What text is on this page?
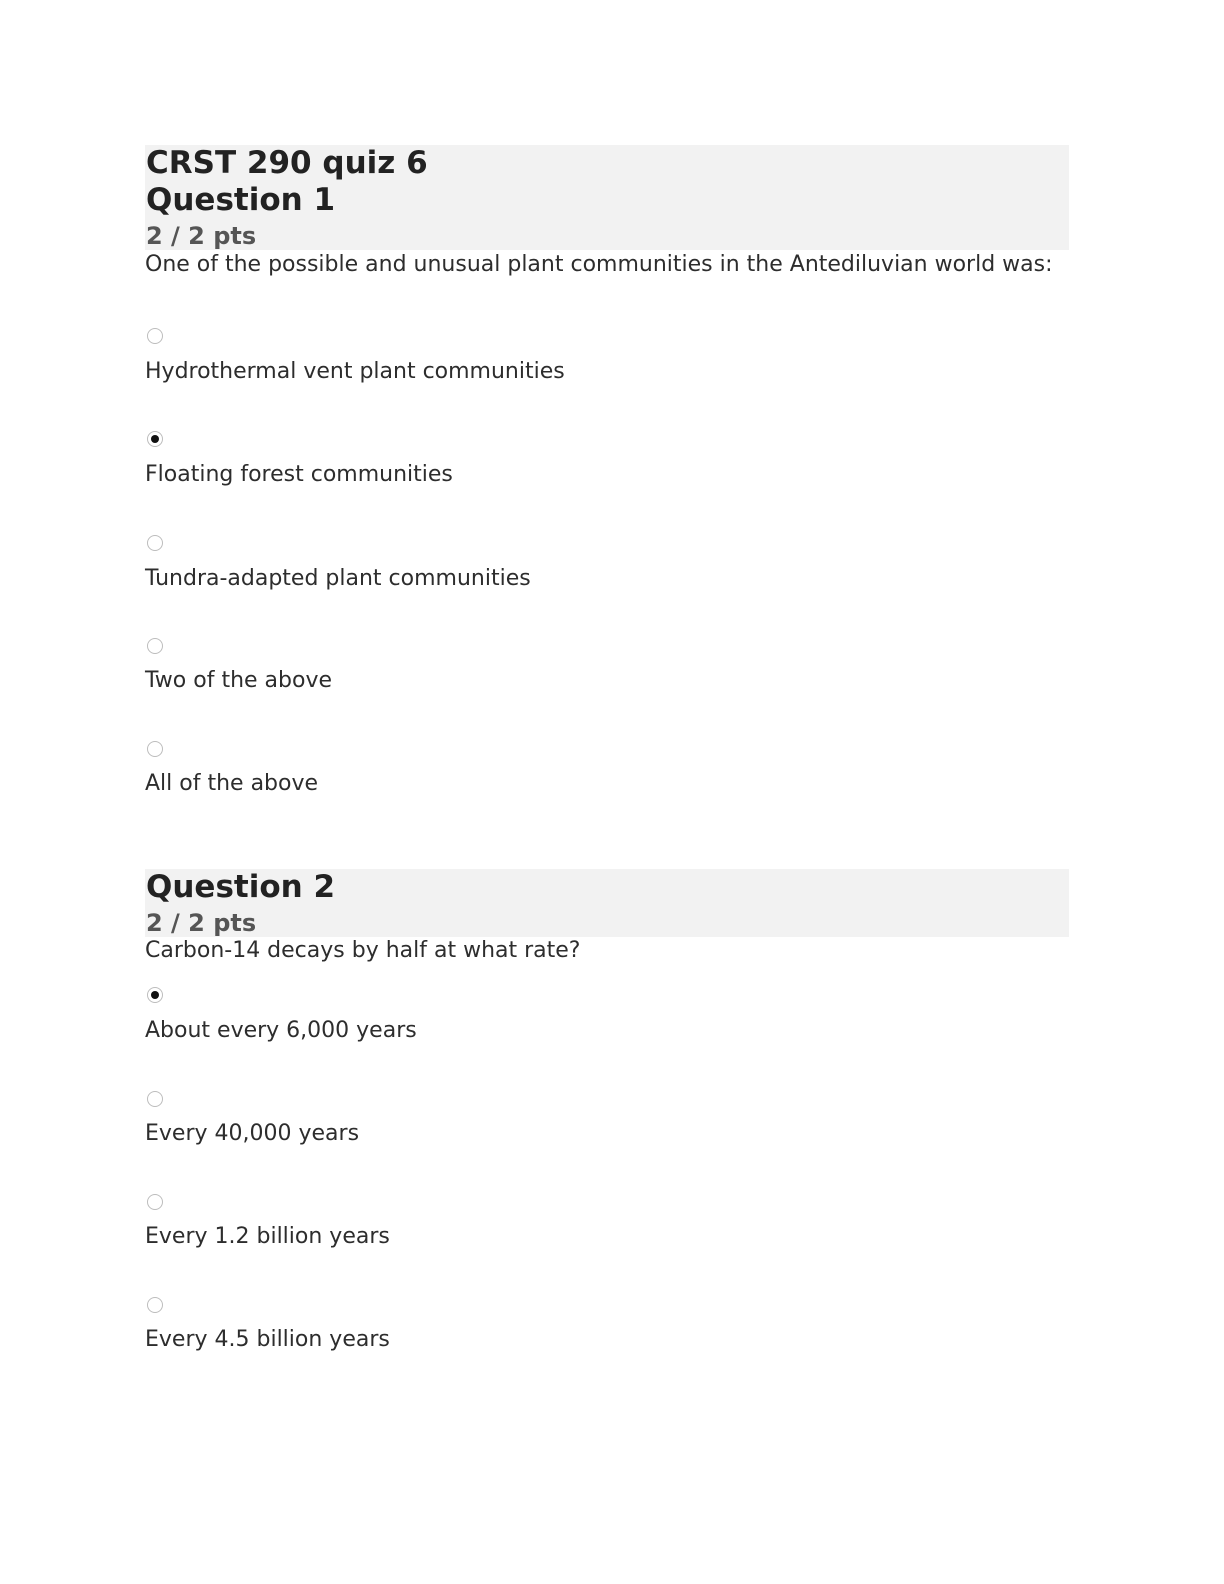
CRST 290 quiz 6
Question 1
2 / 2 pts

One of the possible and unusual plant communities in the Antediluvian world was:

Hydrothermal vent plant communities
Floating forest communities
Tundra-adapted plant communities
Two of the above
All of the above
Question 2
2 / 2 pts

Carbon-14 decays by half at what rate?

About every 6,000 years
Every 40,000 years
Every 1.2 billion years
Every 4.5 billion years
